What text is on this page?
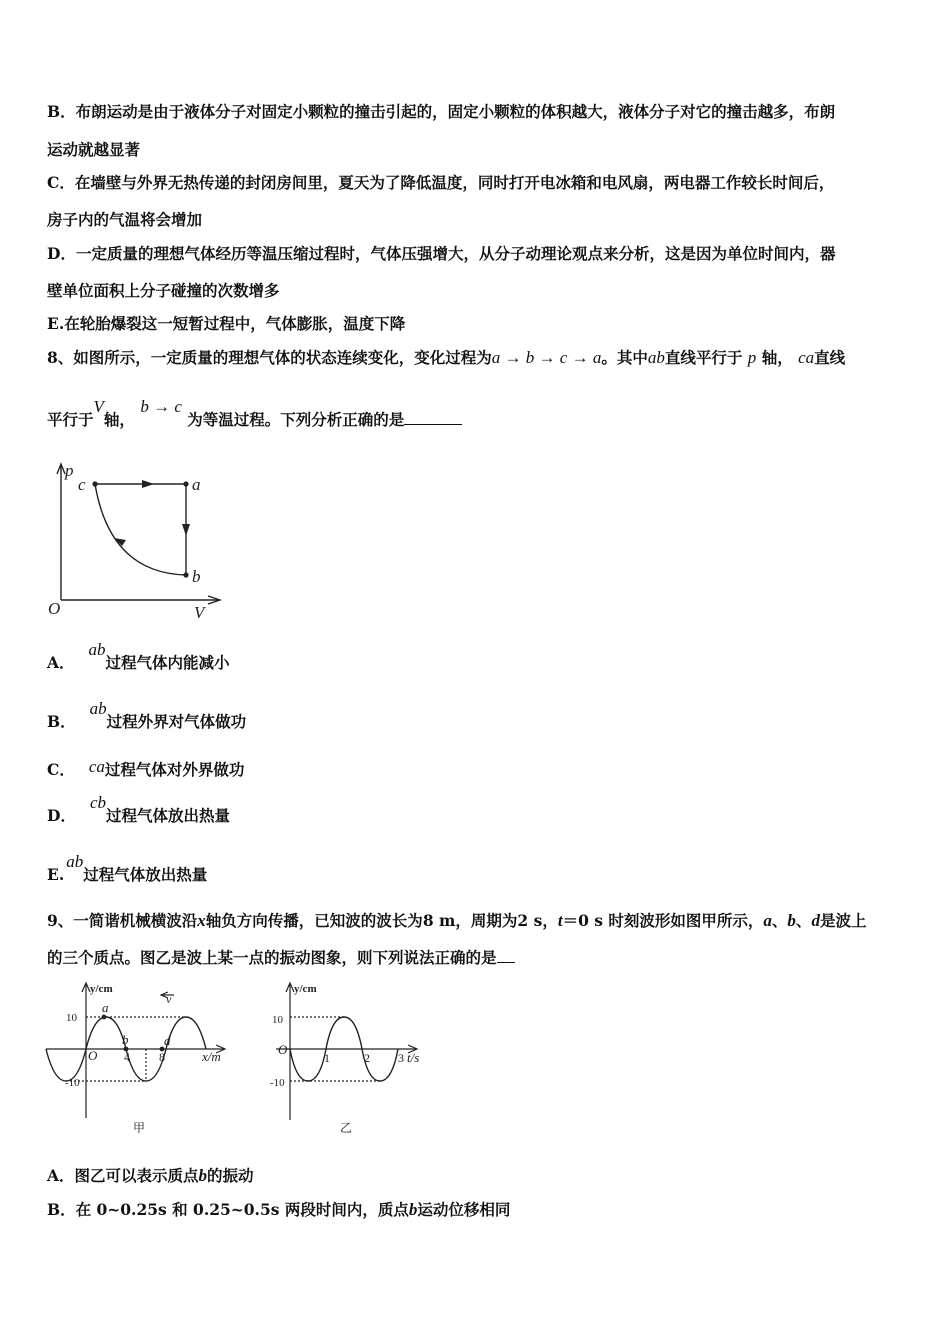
B．布朗运动是由于液体分子对固定小颗粒的撞击引起的，固定小颗粒的体积越大，液体分子对它的撞击越多，布朗
运动就越显著
C．在墙壁与外界无热传递的封闭房间里，夏天为了降低温度，同时打开电冰箱和电风扇，两电器工作较长时间后，
房子内的气温将会增加
D．一定质量的理想气体经历等温压缩过程时，气体压强增大，从分子动理论观点来分析，这是因为单位时间内，器
壁单位面积上分子碰撞的次数增多
E.在轮胎爆裂这一短暂过程中，气体膨胀，温度下降
8、如图所示，一定质量的理想气体的状态连续变化，变化过程为a → b → c → a。其中ab直线平行于 p 轴， ca直线
平行于V轴， b → c 为等温过程。下列分析正确的是
p
c	a
b
O	V
A．ab过程气体内能减小
B．ab过程外界对气体做功
C． ca过程气体对外界做功
D．cb过程气体放出热量
E.ab过程气体放出热量
9、一简谐机械横波沿x轴负方向传播，已知波的波长为8 m，周期为2 s，t＝0 s 时刻波形如图甲所示，a、b、d是波上
的三个质点。图乙是波上某一点的振动图象，则下列说法正确的是
y/cm
10
-10
O 4 8	x/m
a
b	d
v
甲
y/cm
10
-10
O
1	2 3 t/s
乙
A．图乙可以表示质点b的振动
B．在 0~0.25s 和 0.25~0.5s 两段时间内，质点b运动位移相同
